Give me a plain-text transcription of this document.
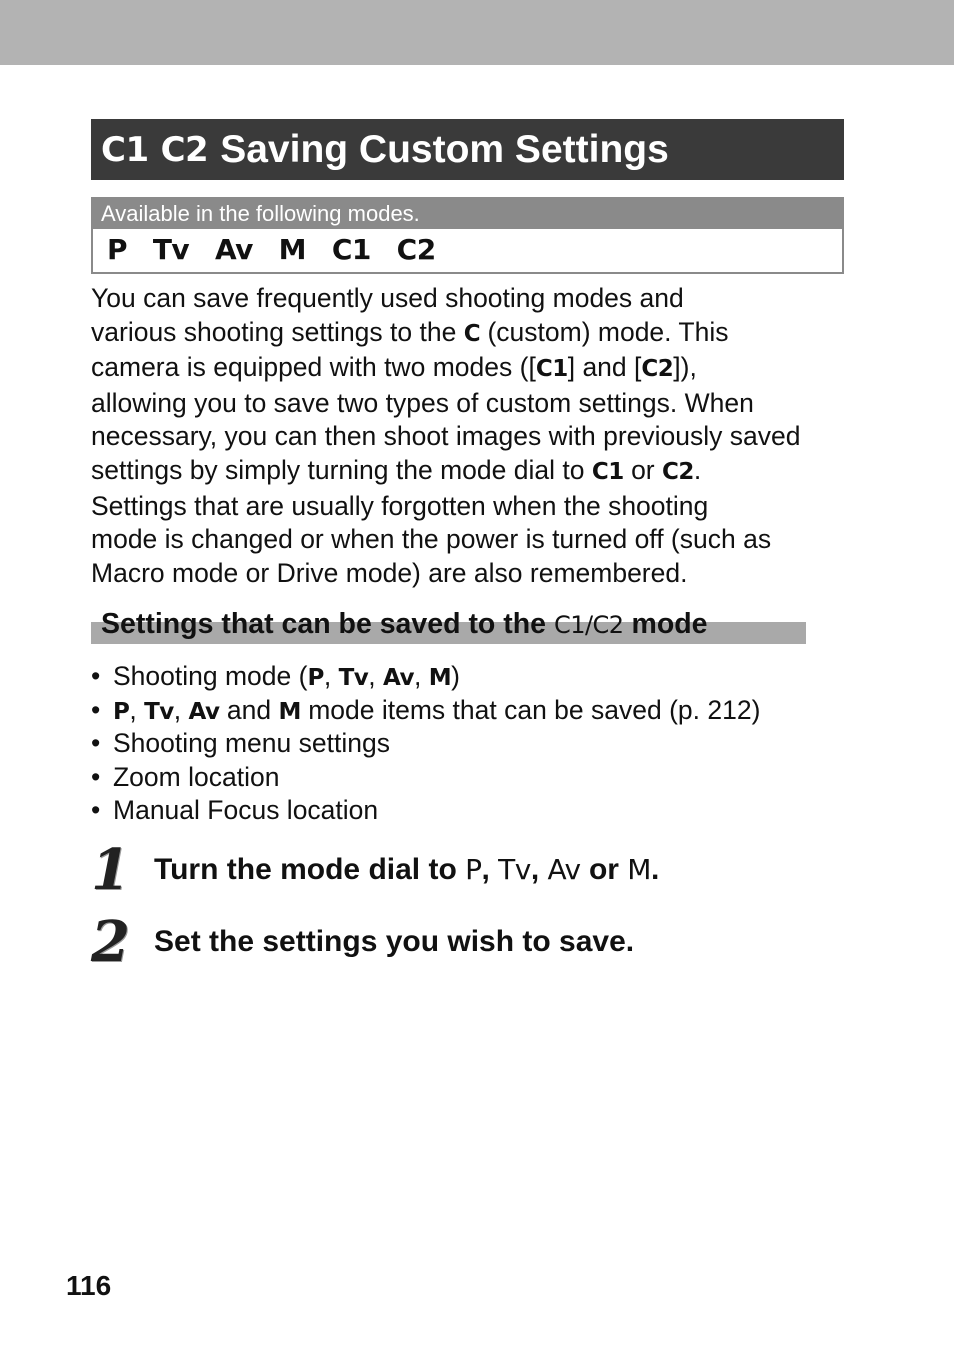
C1 C2 Saving Custom Settings
Available in the following modes.
P Tv Av M C1 C2
You can save frequently used shooting modes and
various shooting settings to the C (custom) mode. This
camera is equipped with two modes ([C1] and [C2]),
allowing you to save two types of custom settings. When
necessary, you can then shoot images with previously saved
settings by simply turning the mode dial to C1 or C2.
Settings that are usually forgotten when the shooting
mode is changed or when the power is turned off (such as
Macro mode or Drive mode) are also remembered.
Settings that can be saved to the C1/C2 mode
• Shooting mode (P, Tv, Av, M)
• P, Tv, Av and M mode items that can be saved (p. 212)
• Shooting menu settings
• Zoom location
• Manual Focus location
1 Turn the mode dial to P, Tv, Av or M.
2 Set the settings you wish to save.
116
